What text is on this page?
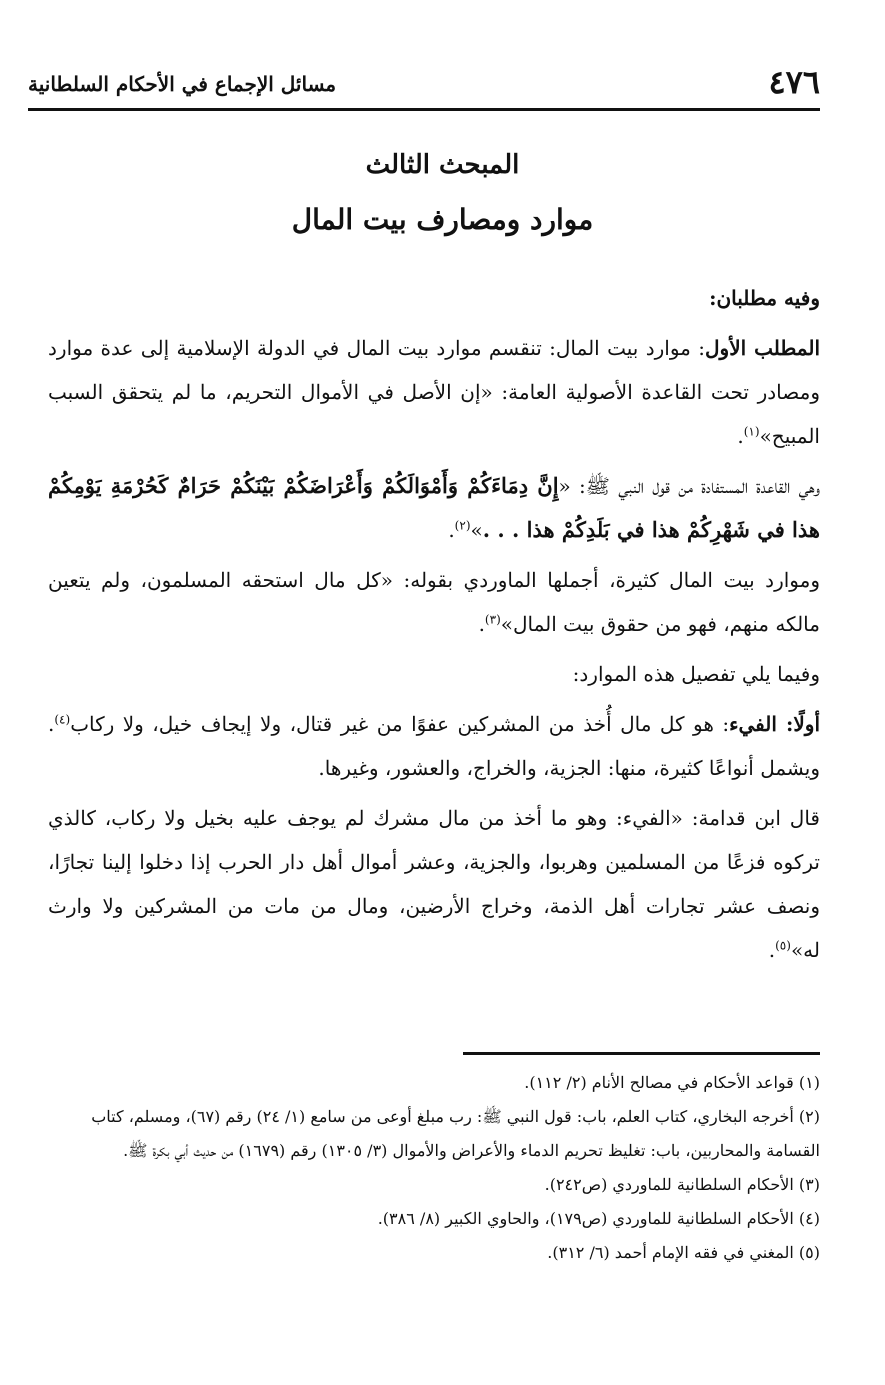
٤٧٦
مسائل الإجماع في الأحكام السلطانية
المبحث الثالث
موارد ومصارف بيت المال

وفيه مطلبان:

المطلب الأول: موارد بيت المال: تنقسم موارد بيت المال في الدولة الإسلامية إلى عدة موارد ومصادر تحت القاعدة الأصولية العامة: «إن الأصل في الأموال التحريم، ما لم يتحقق السبب المبيح»$^{(١)}$.

وهي القاعدة المستفادة من قول النبي ﷺ: «إِنَّ دِمَاءَكُمْ وَأَمْوَالَكُمْ وَأَعْرَاضَكُمْ بَيْنَكُمْ حَرَامٌ كَحُرْمَةِ يَوْمِكُمْ هذا في شَهْرِكُمْ هذا في بَلَدِكُمْ هذا . . .»$^{(٢)}$.

وموارد بيت المال كثيرة، أجملها الماوردي بقوله: «كل مال استحقه المسلمون، ولم يتعين مالكه منهم، فهو من حقوق بيت المال»$^{(٣)}$.

وفيما يلي تفصيل هذه الموارد:

أولًا: الفيء: هو كل مال أُخذ من المشركين عفوًا من غير قتال، ولا إيجاف خيل، ولا ركاب$^{(٤)}$. ويشمل أنواعًا كثيرة، منها: الجزية، والخراج، والعشور، وغيرها.

قال ابن قدامة: «الفيء: وهو ما أخذ من مال مشرك لم يوجف عليه بخيل ولا ركاب، كالذي تركوه فزعًا من المسلمين وهربوا، والجزية، وعشر أموال أهل دار الحرب إذا دخلوا إلينا تجارًا، ونصف عشر تجارات أهل الذمة، وخراج الأرضين، ومال من مات من المشركين ولا وارث له»$^{(٥)}$.

(١) قواعد الأحكام في مصالح الأنام (٢/ ١١٢).

(٢) أخرجه البخاري، كتاب العلم، باب: قول النبي ﷺ: رب مبلغ أوعى من سامع (١/ ٢٤) رقم (٦٧)، ومسلم، كتاب القسامة والمحاربين، باب: تغليظ تحريم الدماء والأعراض والأموال (٣/ ١٣٠٥) رقم (١٦٧٩) من حديث أبي بكرة ﷺ.

(٣) الأحكام السلطانية للماوردي (ص٢٤٢).

(٤) الأحكام السلطانية للماوردي (ص١٧٩)، والحاوي الكبير (٨/ ٣٨٦).

(٥) المغني في فقه الإمام أحمد (٦/ ٣١٢).
